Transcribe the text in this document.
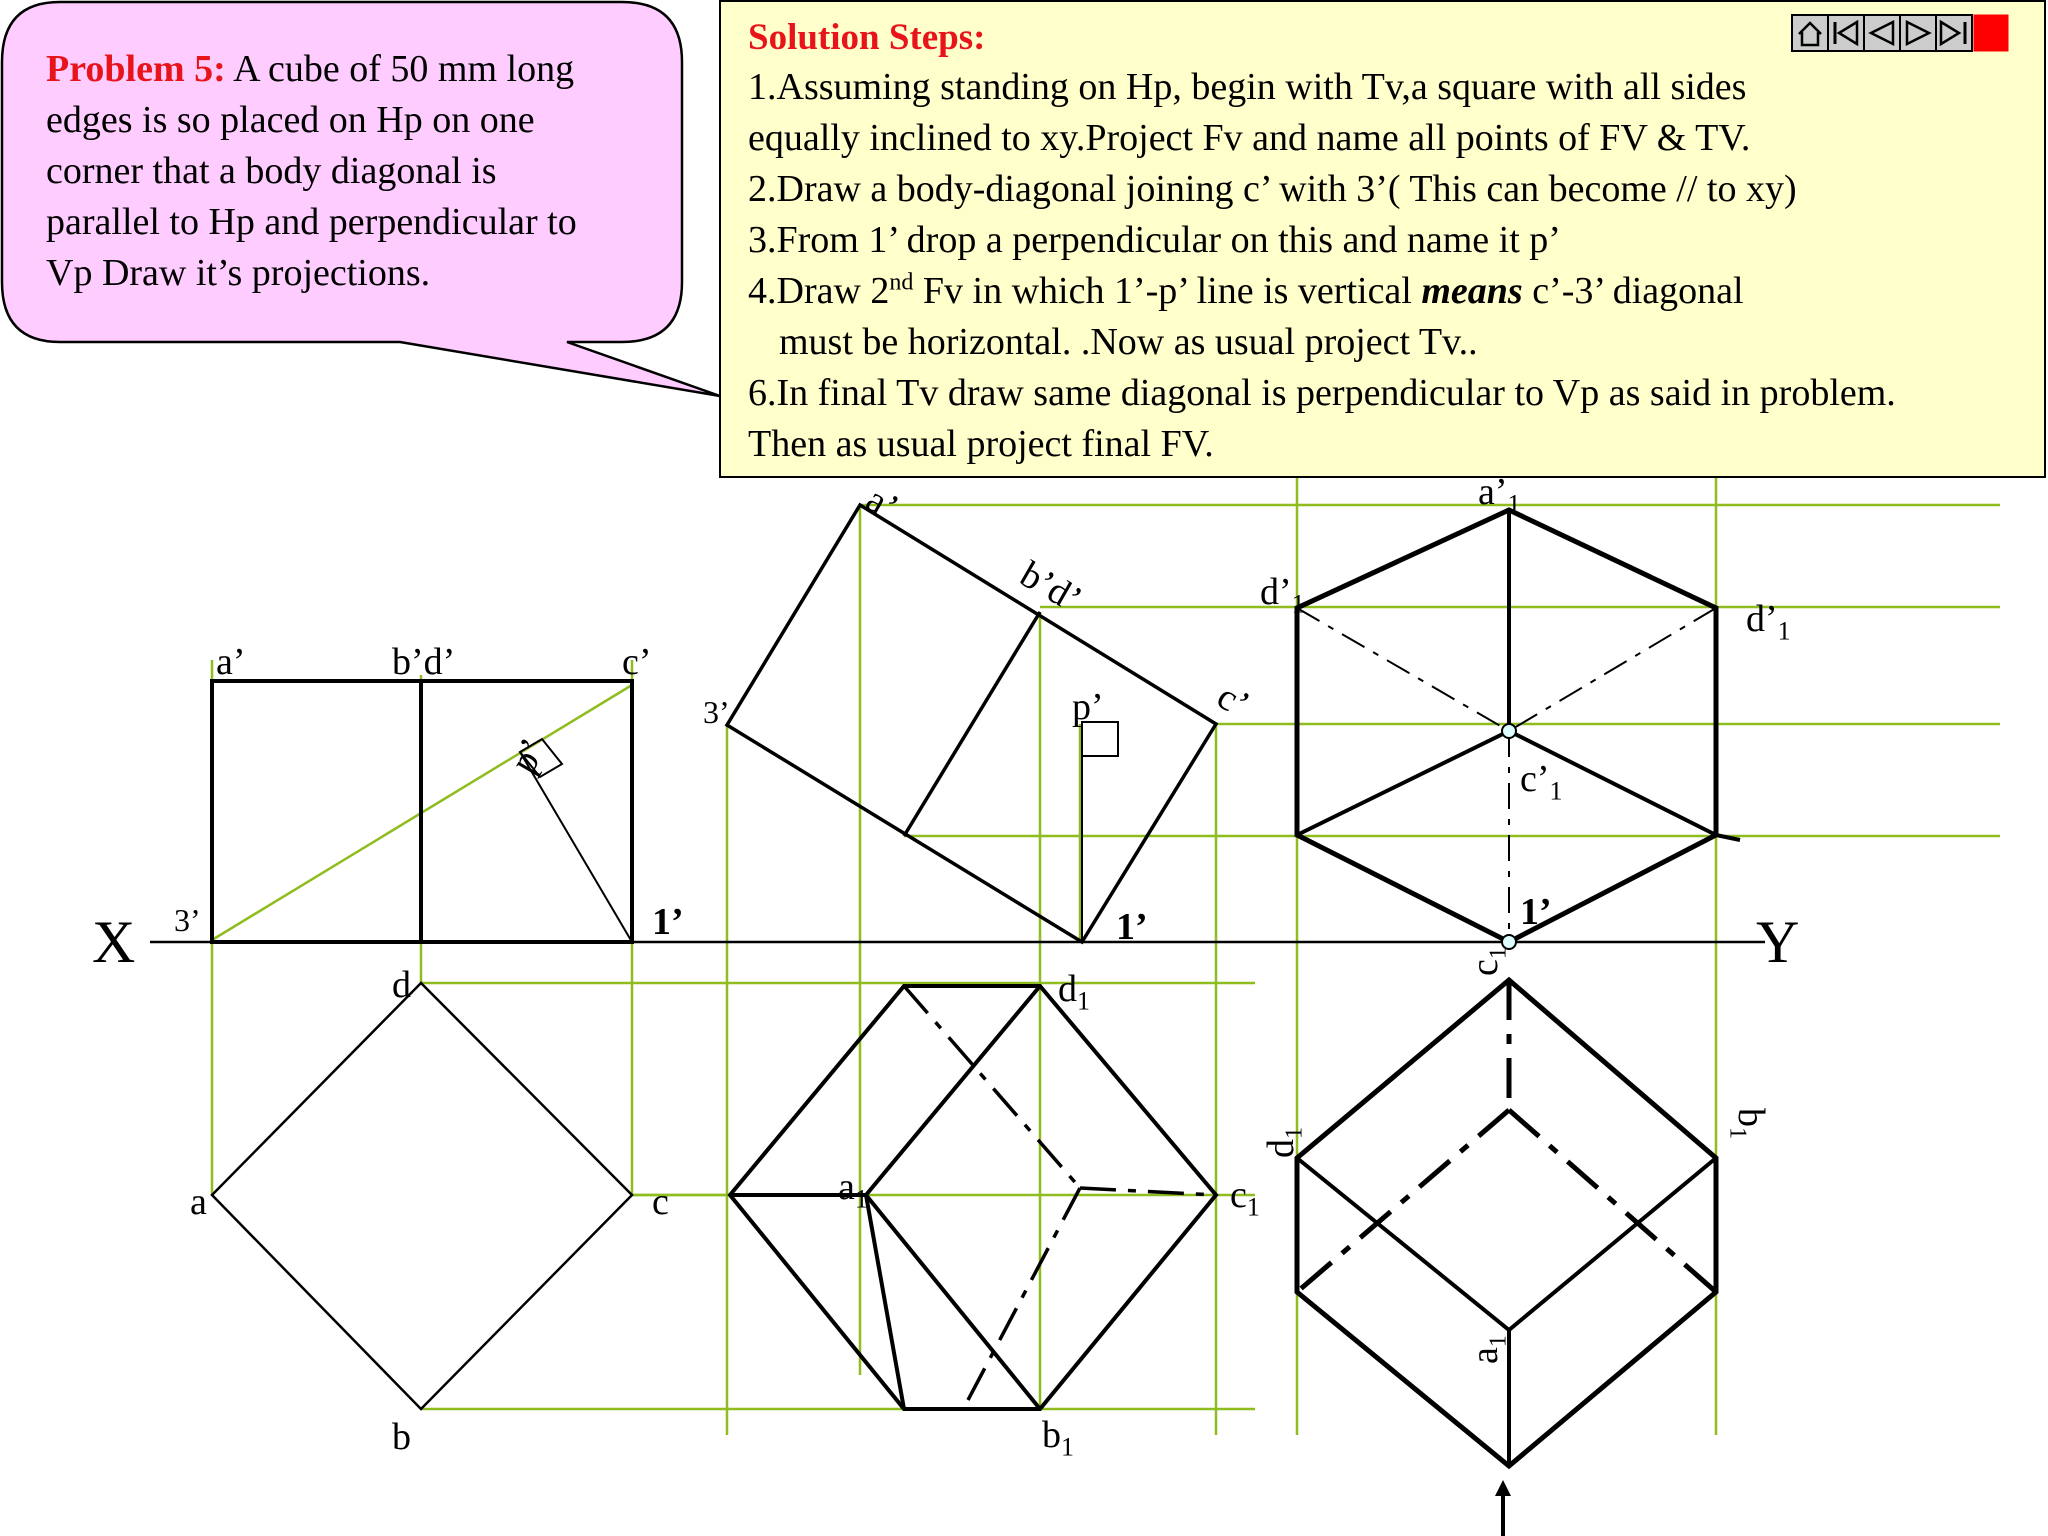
Problem 5: A cube of 50 mm long
edges is so placed on Hp on one
corner that a body diagonal is
parallel to Hp and perpendicular to
Vp Draw it’s projections.
Solution Steps:
1.Assuming standing on Hp, begin with Tv,a square with all sides
equally inclined to xy.Project Fv and name all points of FV & TV.
2.Draw a body-diagonal joining c’ with 3’( This can become // to xy)
3.From 1’ drop a perpendicular on this and name it p’
4.Draw 2nd Fv in which 1’-p’ line is vertical means c’-3’ diagonal
must be horizontal. .Now as usual project Tv..
6.In final Tv draw same diagonal is perpendicular to Vp as said in problem.
Then as usual project final FV.
X	Y
a’	b’d’	c’
p’
3’	1’
d
a	c
b
a’
b’d’
c’
p’
3’
1’
$d_1$
$a_1$	$c_1$
$b_1$
$a’_1$
$d’_1$	$d’_1$
$c’_1$
1’
$c_1$
$d_1$
$b_1$
$a_1$
